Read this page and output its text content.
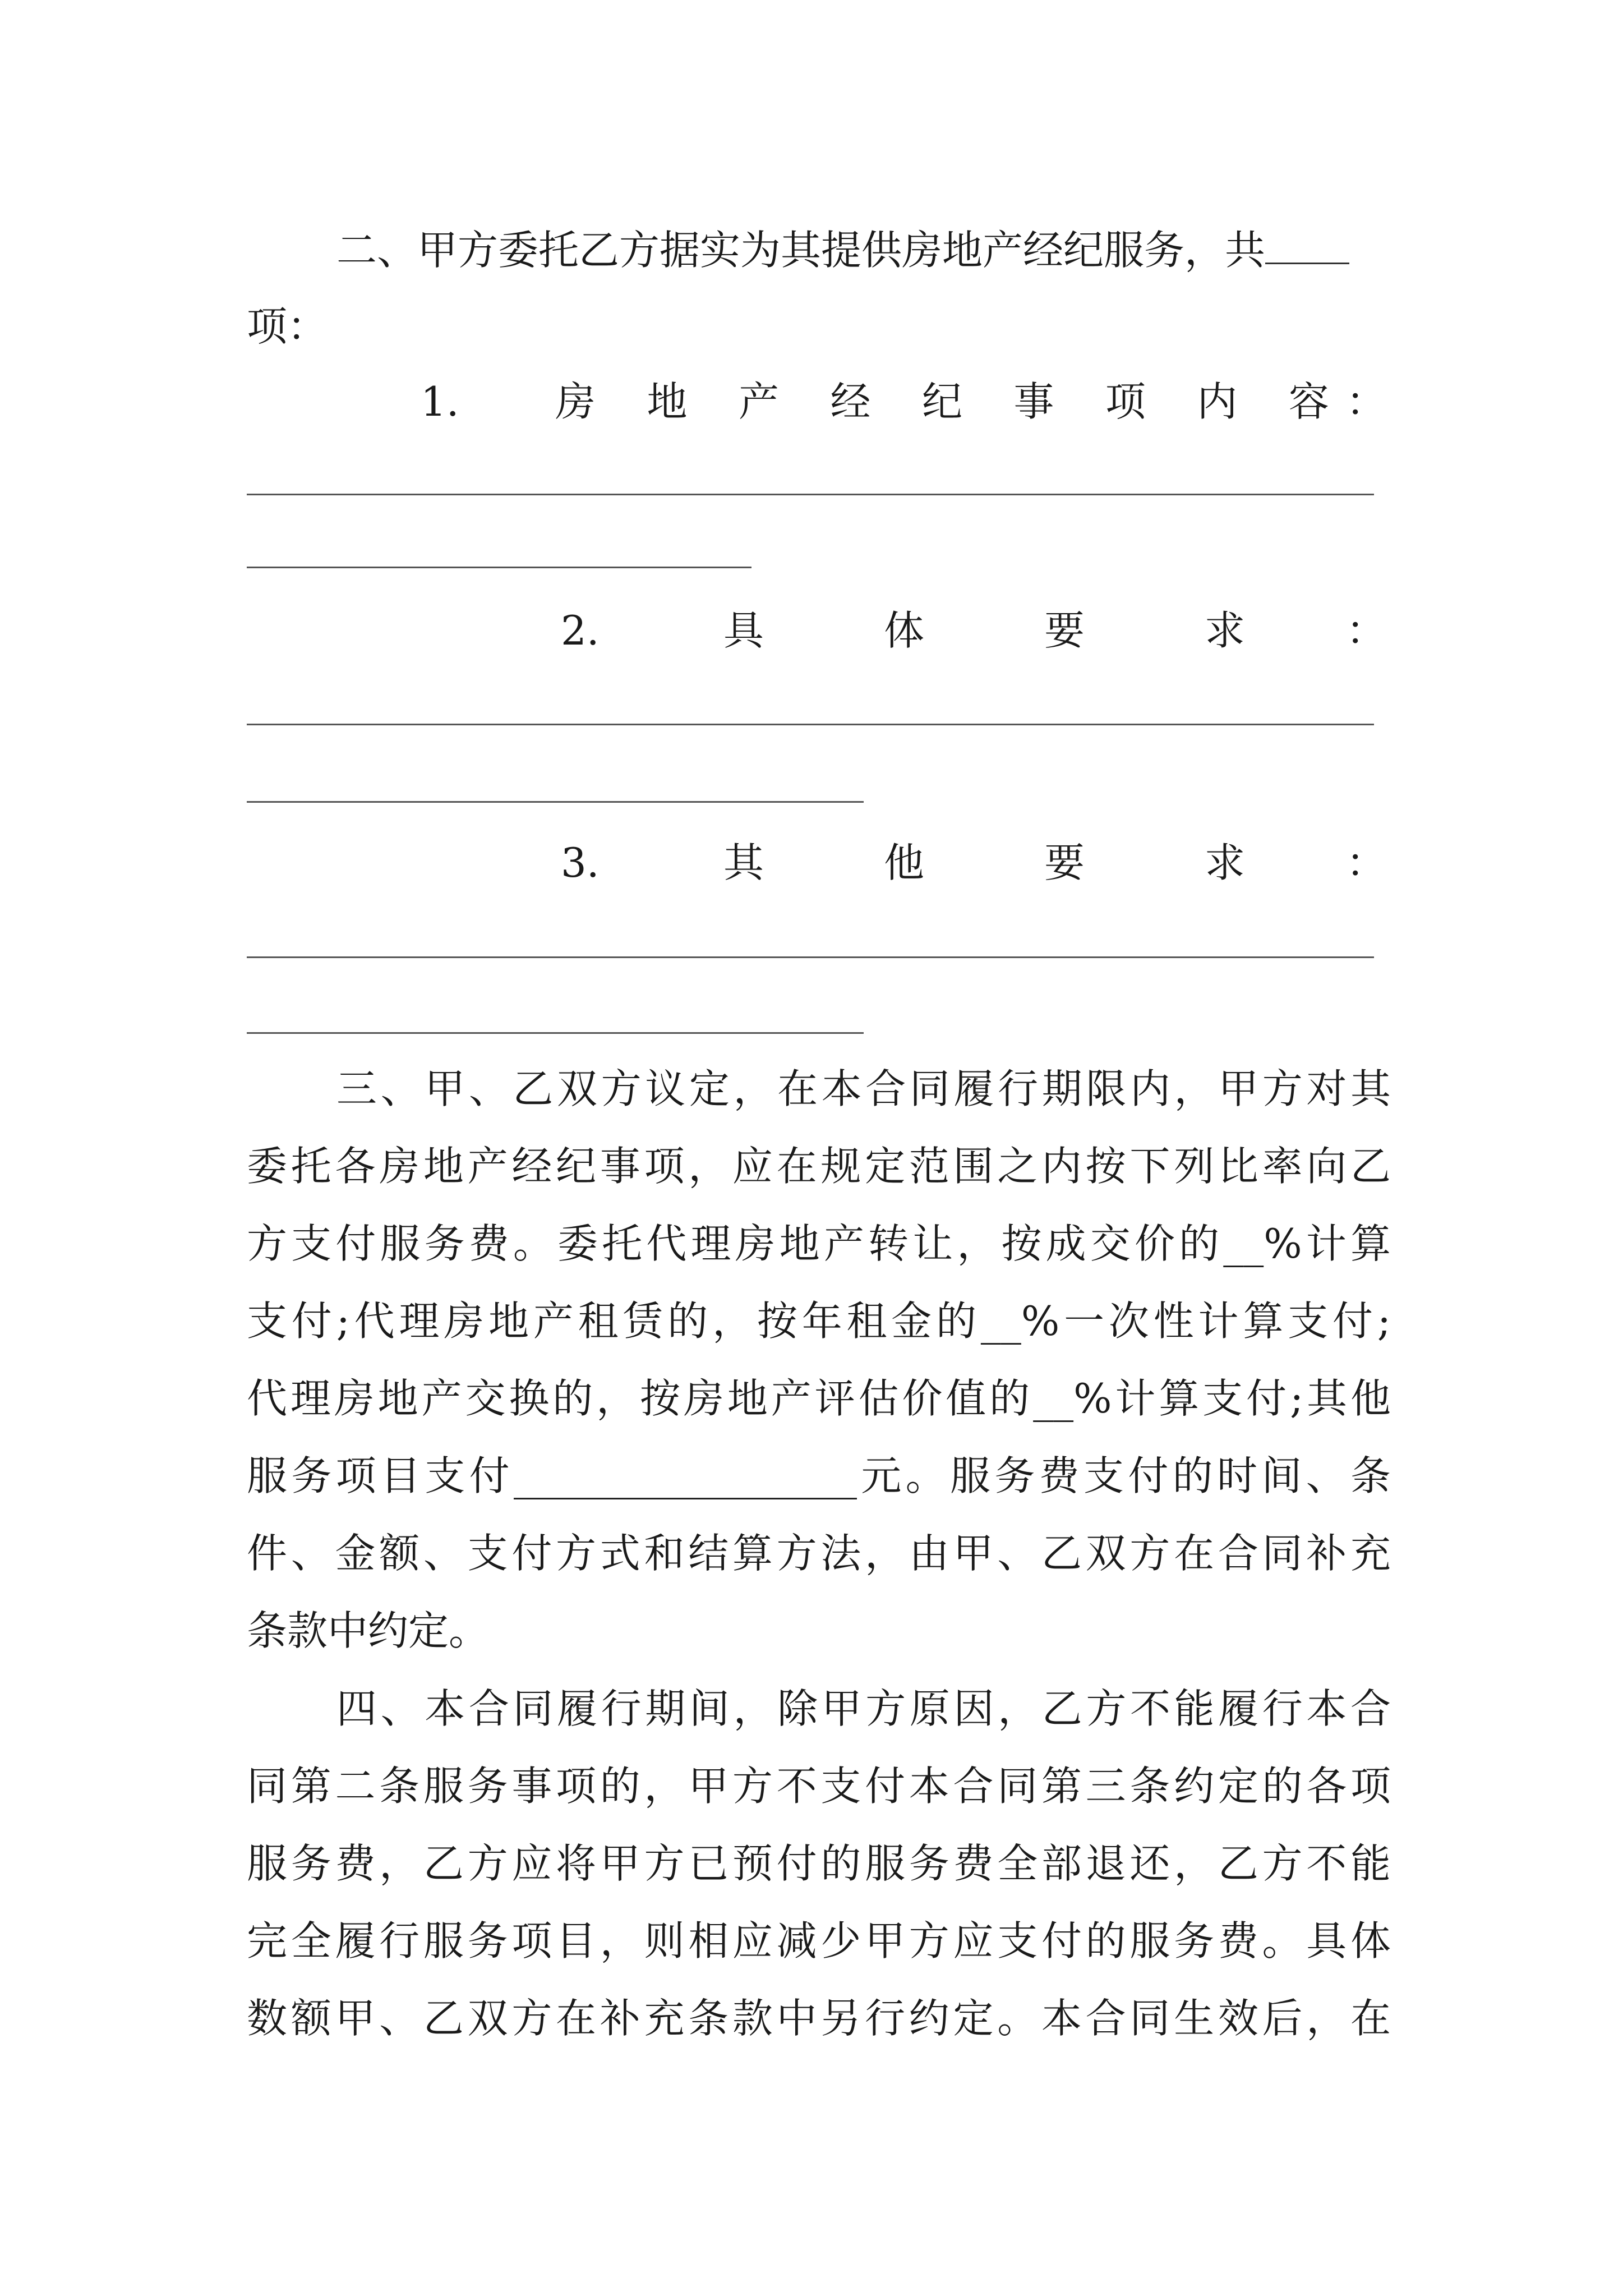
二、甲方委托乙方据实为其提供房地产经纪服务，共
项：
1. 房 地 产 经 纪 事 项 内 容 ：
2.	具	体	要	求	：
3.	其	他	要	求	：
三、甲、乙双方议定，在本合同履行期限内，甲方对其
委托各房地产经纪事项，应在规定范围之内按下列比率向乙
方支付服务费。委托代理房地产转让，按成交价的__%计算
支付;代理房地产租赁的，按年租金的__%一次性计算支付;
代理房地产交换的，按房地产评估价值的__%计算支付;其他
服务项目支付_________________元。服务费支付的时间、条
件、金额、支付方式和结算方法，由甲、乙双方在合同补充
条款中约定。
四、本合同履行期间，除甲方原因，乙方不能履行本合
同第二条服务事项的，甲方不支付本合同第三条约定的各项
服务费，乙方应将甲方已预付的服务费全部退还，乙方不能
完全履行服务项目，则相应减少甲方应支付的服务费。具体
数额甲、乙双方在补充条款中另行约定。本合同生效后，在
